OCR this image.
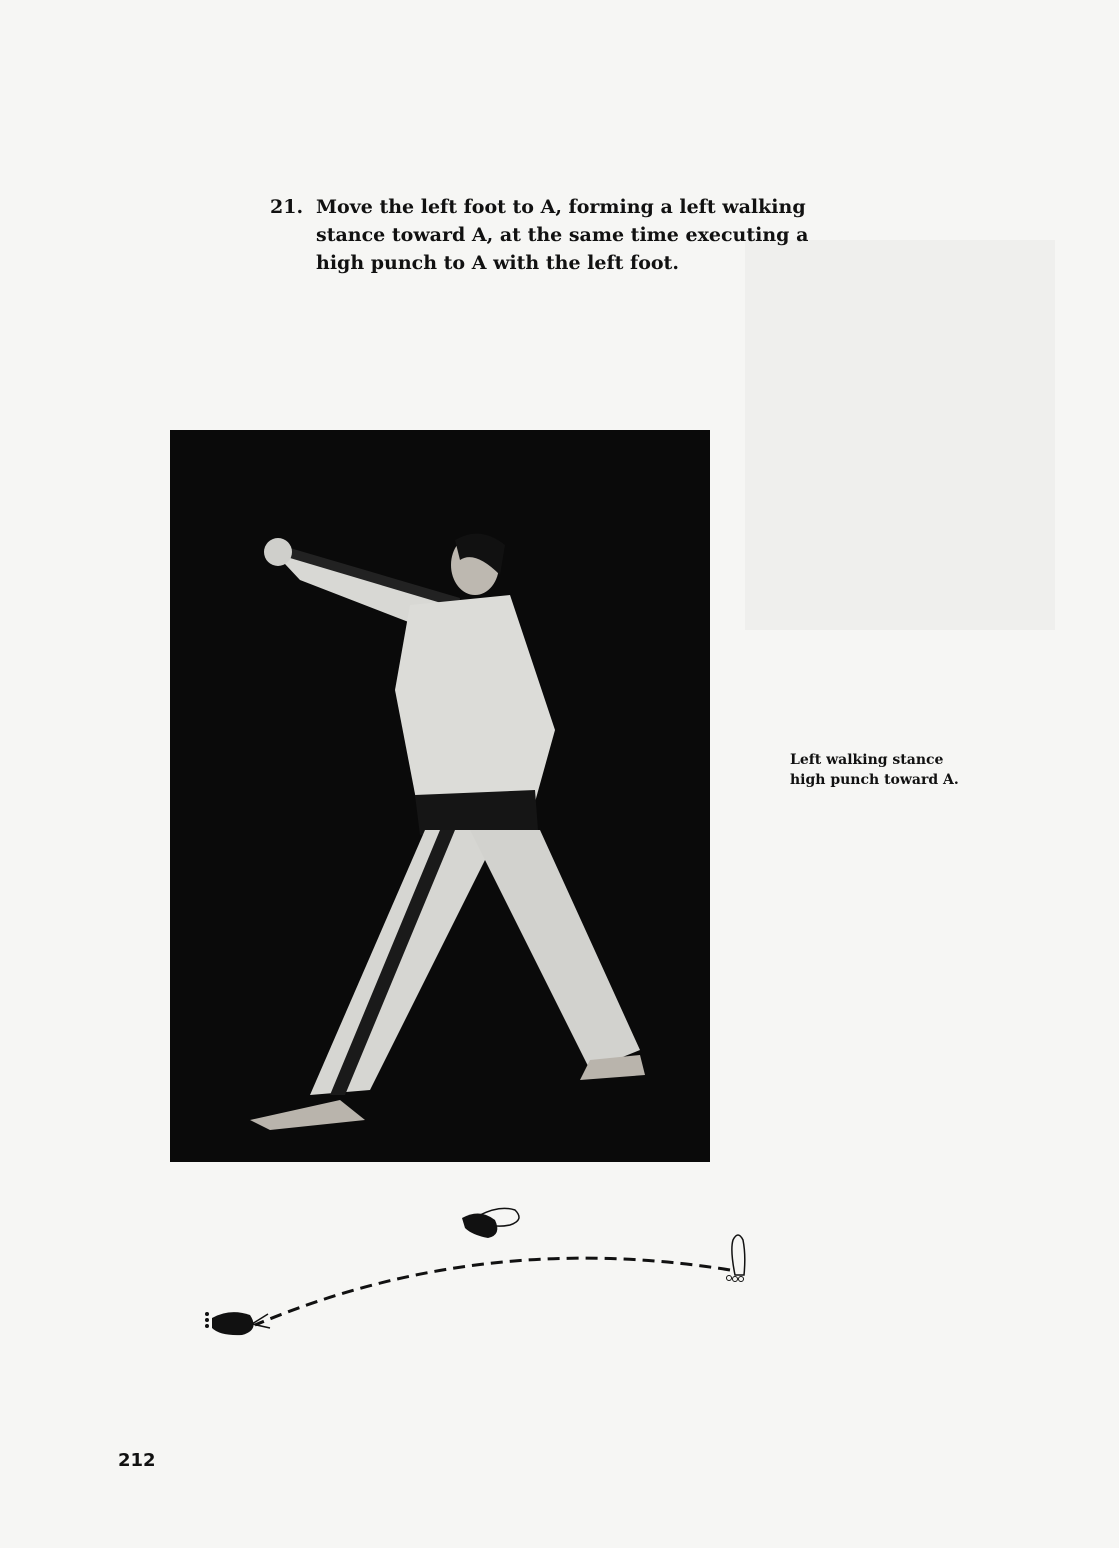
21. Move the left foot to A, forming a left walking stance toward A, at the same time executing a high punch to A with the left foot.
Left walking stance
high punch toward A.
212
